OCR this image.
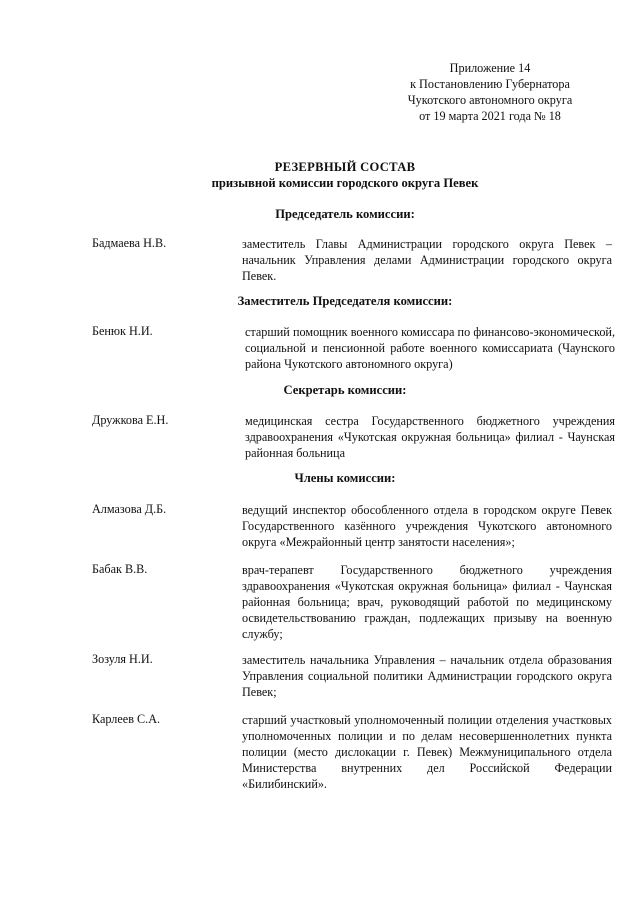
Приложение 14
к Постановлению Губернатора
Чукотского автономного округа
от 19 марта 2021 года № 18
РЕЗЕРВНЫЙ СОСТАВ
призывной комиссии городского округа Певек
Председатель комиссии:
Бадмаева Н.В.	заместитель Главы Администрации городского округа Певек – начальник Управления делами Администрации городского округа Певек.
Заместитель Председателя комиссии:
Бенюк Н.И.	старший помощник военного комиссара по финансово-экономической, социальной и пенсионной работе военного комиссариата (Чаунского района Чукотского автономного округа)
Секретарь комиссии:
Дружкова Е.Н.	медицинская сестра Государственного бюджетного учреждения здравоохранения «Чукотская окружная больница» филиал - Чаунская районная больница
Члены комиссии:
Алмазова Д.Б.	ведущий инспектор обособленного отдела в городском округе Певек Государственного казённого учреждения Чукотского автономного округа «Межрайонный центр занятости населения»;
Бабак В.В.	врач-терапевт Государственного бюджетного учреждения здравоохранения «Чукотская окружная больница» филиал - Чаунская районная больница; врач, руководящий работой по медицинскому освидетельствованию граждан, подлежащих призыву на военную службу;
Зозуля Н.И.	заместитель начальника Управления – начальник отдела образования Управления социальной политики Администрации городского округа Певек;
Карлеев С.А.	старший участковый уполномоченный полиции отделения участковых уполномоченных полиции и по делам несовершеннолетних пункта полиции (место дислокации г. Певек) Межмуниципального отдела Министерства внутренних дел Российской Федерации «Билибинский».
